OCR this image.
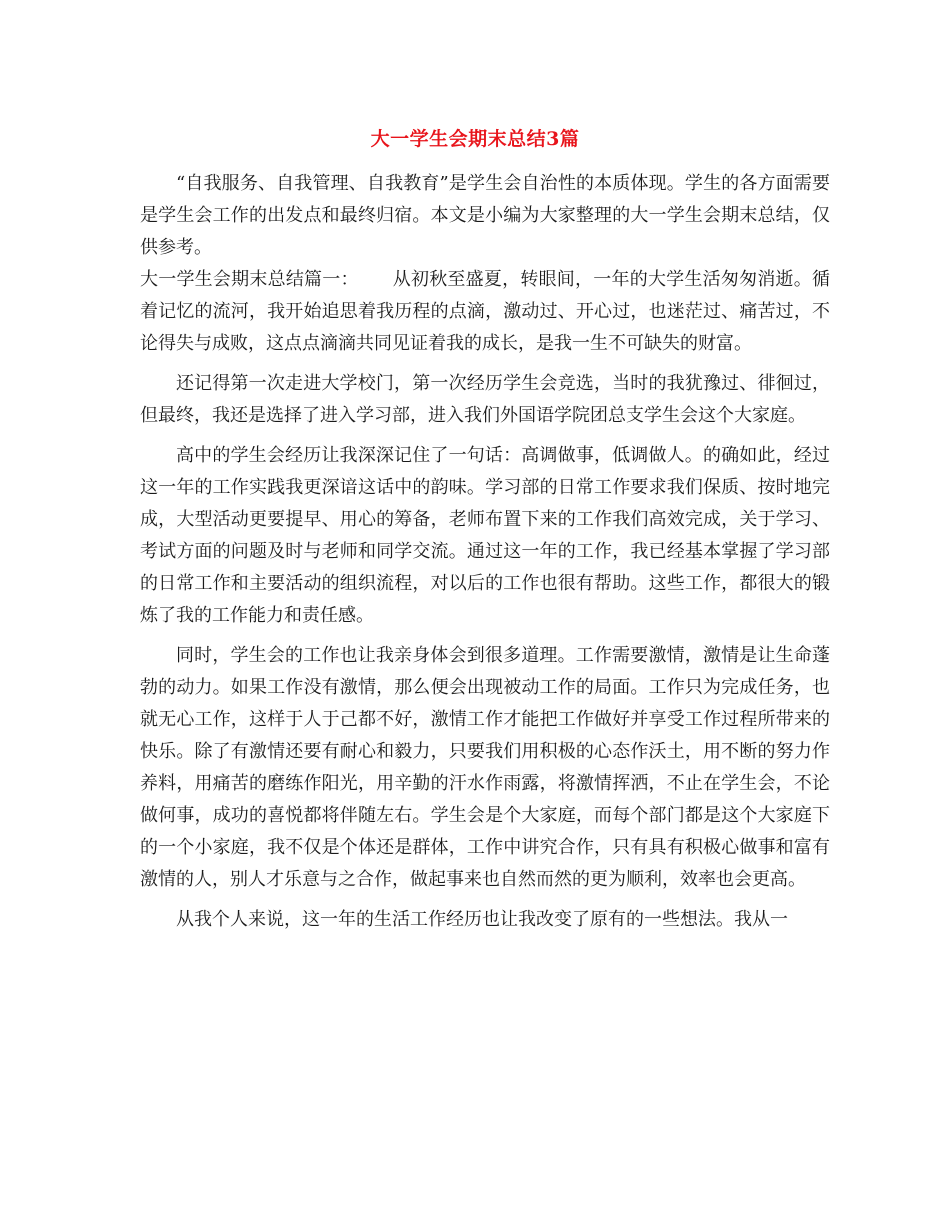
大一学生会期末总结3篇

“自我服务、自我管理、自我教育”是学生会自治性的本质体现。学生的各方面需要是学生会工作的出发点和最终归宿。本文是小编为大家整理的大一学生会期末总结，仅供参考。

大一学生会期末总结篇一： 从初秋至盛夏，转眼间，一年的大学生活匆匆消逝。循着记忆的流河，我开始追思着我历程的点滴，激动过、开心过，也迷茫过、痛苦过，不论得失与成败，这点点滴滴共同见证着我的成长，是我一生不可缺失的财富。

还记得第一次走进大学校门，第一次经历学生会竞选，当时的我犹豫过、徘徊过，但最终，我还是选择了进入学习部，进入我们外国语学院团总支学生会这个大家庭。

高中的学生会经历让我深深记住了一句话：高调做事，低调做人。的确如此，经过这一年的工作实践我更深谙这话中的韵味。学习部的日常工作要求我们保质、按时地完成，大型活动更要提早、用心的筹备，老师布置下来的工作我们高效完成，关于学习、考试方面的问题及时与老师和同学交流。通过这一年的工作，我已经基本掌握了学习部的日常工作和主要活动的组织流程，对以后的工作也很有帮助。这些工作，都很大的锻炼了我的工作能力和责任感。

同时，学生会的工作也让我亲身体会到很多道理。工作需要激情，激情是让生命蓬勃的动力。如果工作没有激情，那么便会出现被动工作的局面。工作只为完成任务，也就无心工作，这样于人于己都不好，激情工作才能把工作做好并享受工作过程所带来的快乐。除了有激情还要有耐心和毅力，只要我们用积极的心态作沃土，用不断的努力作养料，用痛苦的磨练作阳光，用辛勤的汗水作雨露，将激情挥洒，不止在学生会，不论做何事，成功的喜悦都将伴随左右。学生会是个大家庭，而每个部门都是这个大家庭下的一个小家庭，我不仅是个体还是群体，工作中讲究合作，只有具有积极心做事和富有激情的人，别人才乐意与之合作，做起事来也自然而然的更为顺利，效率也会更高。

从我个人来说，这一年的生活工作经历也让我改变了原有的一些想法。我从一
